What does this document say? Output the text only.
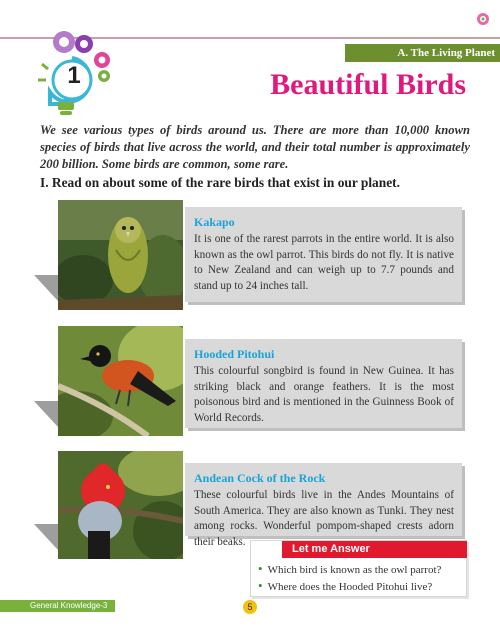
1
A. The Living Planet
Beautiful Birds
We see various types of birds around us. There are more than 10,000 known species of birds that live across the world, and their total number is approximately 200 billion. Some birds are common, some rare.
I. Read on about some of the rare birds that exist in our planet.
Kakapo
It is one of the rarest parrots in the entire world. It is also known as the owl parrot. This birds do not fly. It is native to New Zealand and can weigh up to 7.7 pounds and stand up to 24 inches tall.
Hooded Pitohui
This colourful songbird is found in New Guinea. It has striking black and orange feathers. It is the most poisonous bird and is mentioned in the Guinness Book of World Records.
Andean Cock of the Rock
These colourful birds live in the Andes Mountains of South America. They are also known as Tunki. They nest among rocks. Wonderful pompom-shaped crests adorn their beaks.
Let me Answer
• Which bird is known as the owl parrot?
• Where does the Hooded Pitohui live?
General Knowledge-3	5
